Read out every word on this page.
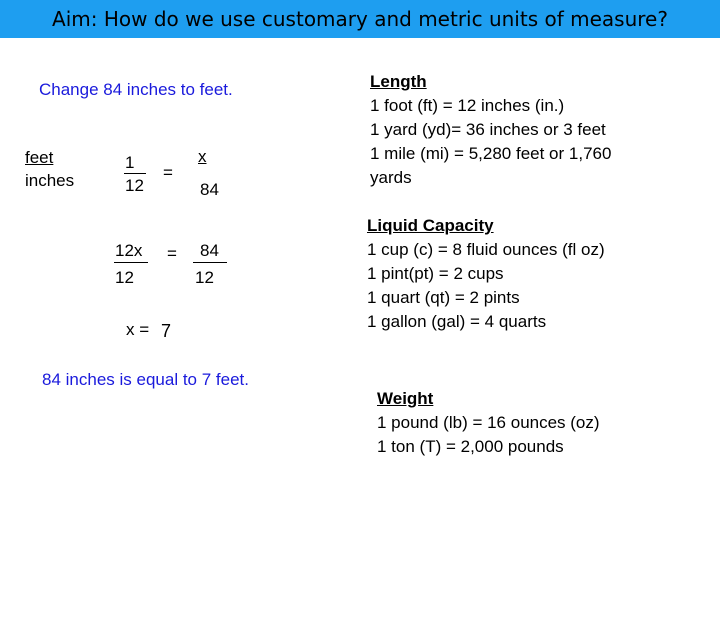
Aim: How do we use customary and metric units of measure?
Change 84 inches to feet.
feet
inches
1
12
=
x
84
12x
12
= 84
12
x = 7
84 inches is equal to 7 feet.
Length
1 foot (ft) = 12 inches (in.)
1 yard (yd)= 36 inches or 3 feet
1 mile (mi) = 5,280 feet or 1,760
yards
Liquid Capacity
1 cup (c) = 8 fluid ounces (fl oz)
1 pint(pt) = 2 cups
1 quart (qt) = 2 pints
1 gallon (gal) = 4 quarts
Weight
1 pound (lb) = 16 ounces (oz)
1 ton (T) = 2,000 pounds
